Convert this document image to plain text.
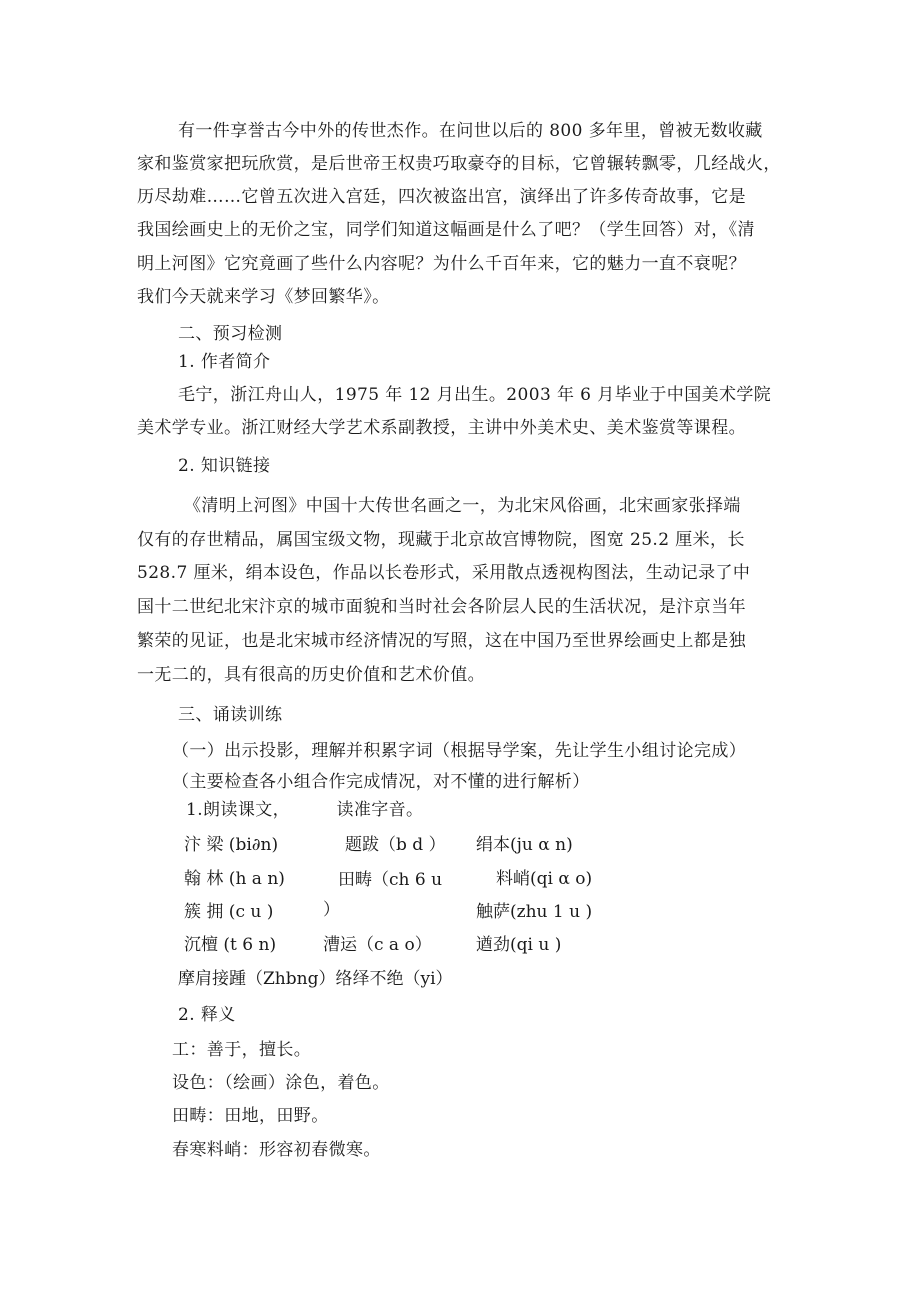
有一件享誉古今中外的传世杰作。在问世以后的 800 多年里，曾被无数收藏
家和鉴赏家把玩欣赏，是后世帝王权贵巧取豪夺的目标，它曾辗转飘零，几经战火，
历尽劫难……它曾五次进入宫廷，四次被盗出宫，演绎出了许多传奇故事，它是
我国绘画史上的无价之宝，同学们知道这幅画是什么了吧？（学生回答）对，《清
明上河图》它究竟画了些什么内容呢？为什么千百年来，它的魅力一直不衰呢？
我们今天就来学习《梦回繁华》。
二、预习检测
1. 作者简介
毛宁，浙江舟山人，1975 年 12 月出生。2003 年 6 月毕业于中国美术学院
美术学专业。浙江财经大学艺术系副教授，主讲中外美术史、美术鉴赏等课程。
2. 知识链接
《清明上河图》中国十大传世名画之一，为北宋风俗画，北宋画家张择端
仅有的存世精品，属国宝级文物，现藏于北京故宫博物院，图宽 25.2 厘米，长
528.7 厘米，绢本设色，作品以长卷形式，采用散点透视构图法，生动记录了中
国十二世纪北宋汴京的城市面貌和当时社会各阶层人民的生活状况，是汴京当年
繁荣的见证，也是北宋城市经济情况的写照，这在中国乃至世界绘画史上都是独
一无二的，具有很高的历史价值和艺术价值。
三、诵读训练
（一）出示投影，理解并积累字词（根据导学案，先让学生小组讨论完成）
（主要检查各小组合作完成情况，对不懂的进行解析）
1.朗读课文，        读准字音。
汴 梁 (bi∂n)	题跋（b d ） 绢本(ju α n)
翰 林 (h a n)	田畴（ch 6 u	料峭(qi α o)
簇 拥 (c u )	）	触萨(zhu 1 u )
沉檀 (t 6 n)	漕运（c a o）	遒劲(qi u )
摩肩接踵（Zhbng）络绎不绝（yi）
2. 释义
工：善于，擅长。
设色：（绘画）涂色，着色。
田畴：田地，田野。
春寒料峭：形容初春微寒。
